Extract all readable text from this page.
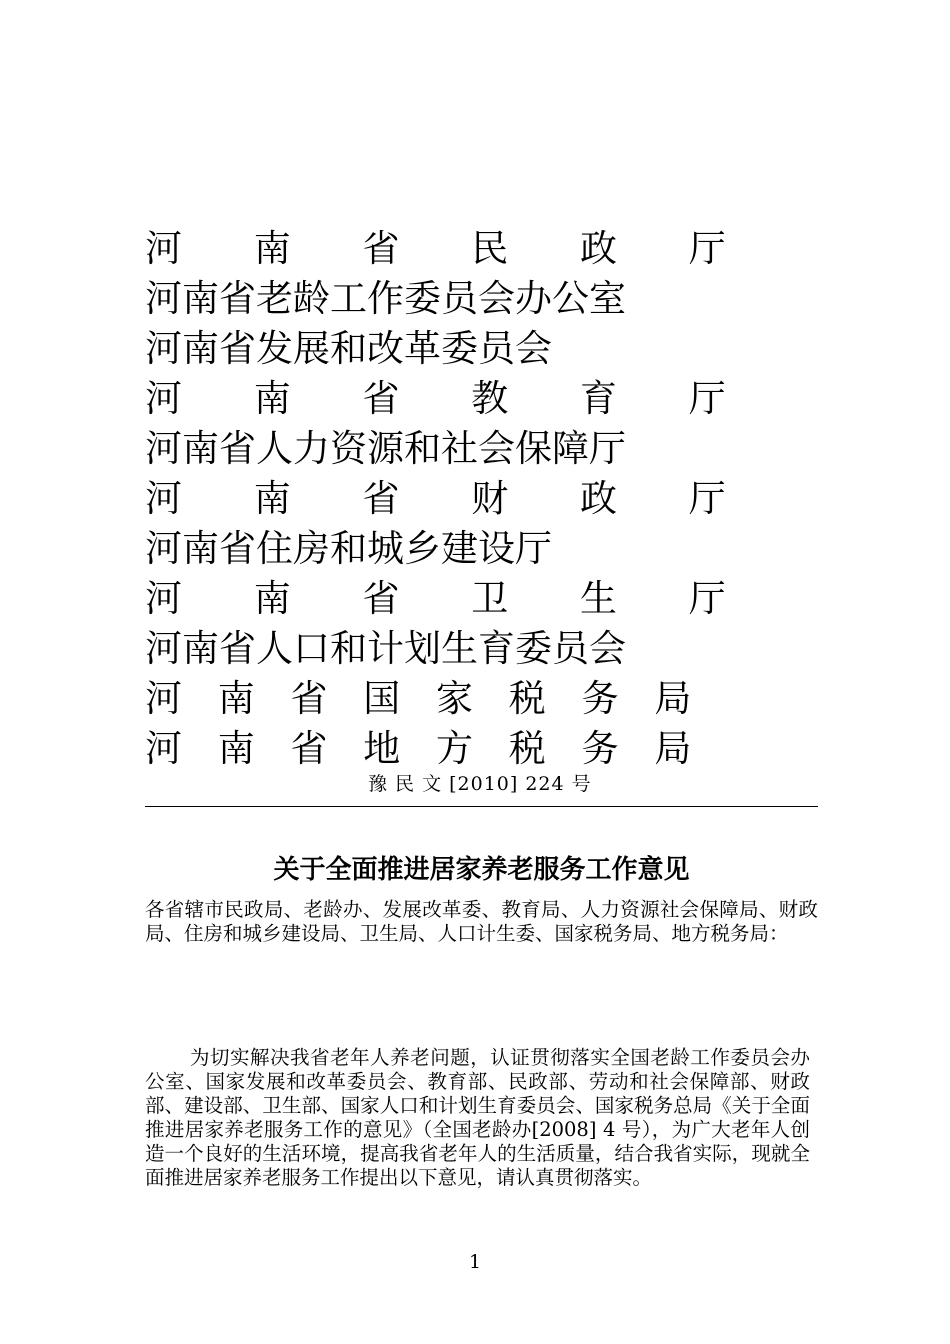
河 南 省 民 政 厅
河南省老龄工作委员会办公室
河南省发展和改革委员会
河 南 省 教 育 厅
河南省人力资源和社会保障厅
河 南 省 财 政 厅
河南省住房和城乡建设厅
河 南 省 卫 生 厅
河南省人口和计划生育委员会
河 南 省 国 家 税 务 局
河 南 省 地 方 税 务 局
豫 民 文 [2010] 224 号
关于全面推进居家养老服务工作意见
各省辖市民政局、老龄办、发展改革委、教育局、人力资源社会保障局、财政局、住房和城乡建设局、卫生局、人口计生委、国家税务局、地方税务局：
为切实解决我省老年人养老问题，认证贯彻落实全国老龄工作委员会办公室、国家发展和改革委员会、教育部、民政部、劳动和社会保障部、财政部、建设部、卫生部、国家人口和计划生育委员会、国家税务总局《关于全面推进居家养老服务工作的意见》（全国老龄办[2008] 4 号），为广大老年人创造一个良好的生活环境，提高我省老年人的生活质量，结合我省实际，现就全面推进居家养老服务工作提出以下意见，请认真贯彻落实。
1
